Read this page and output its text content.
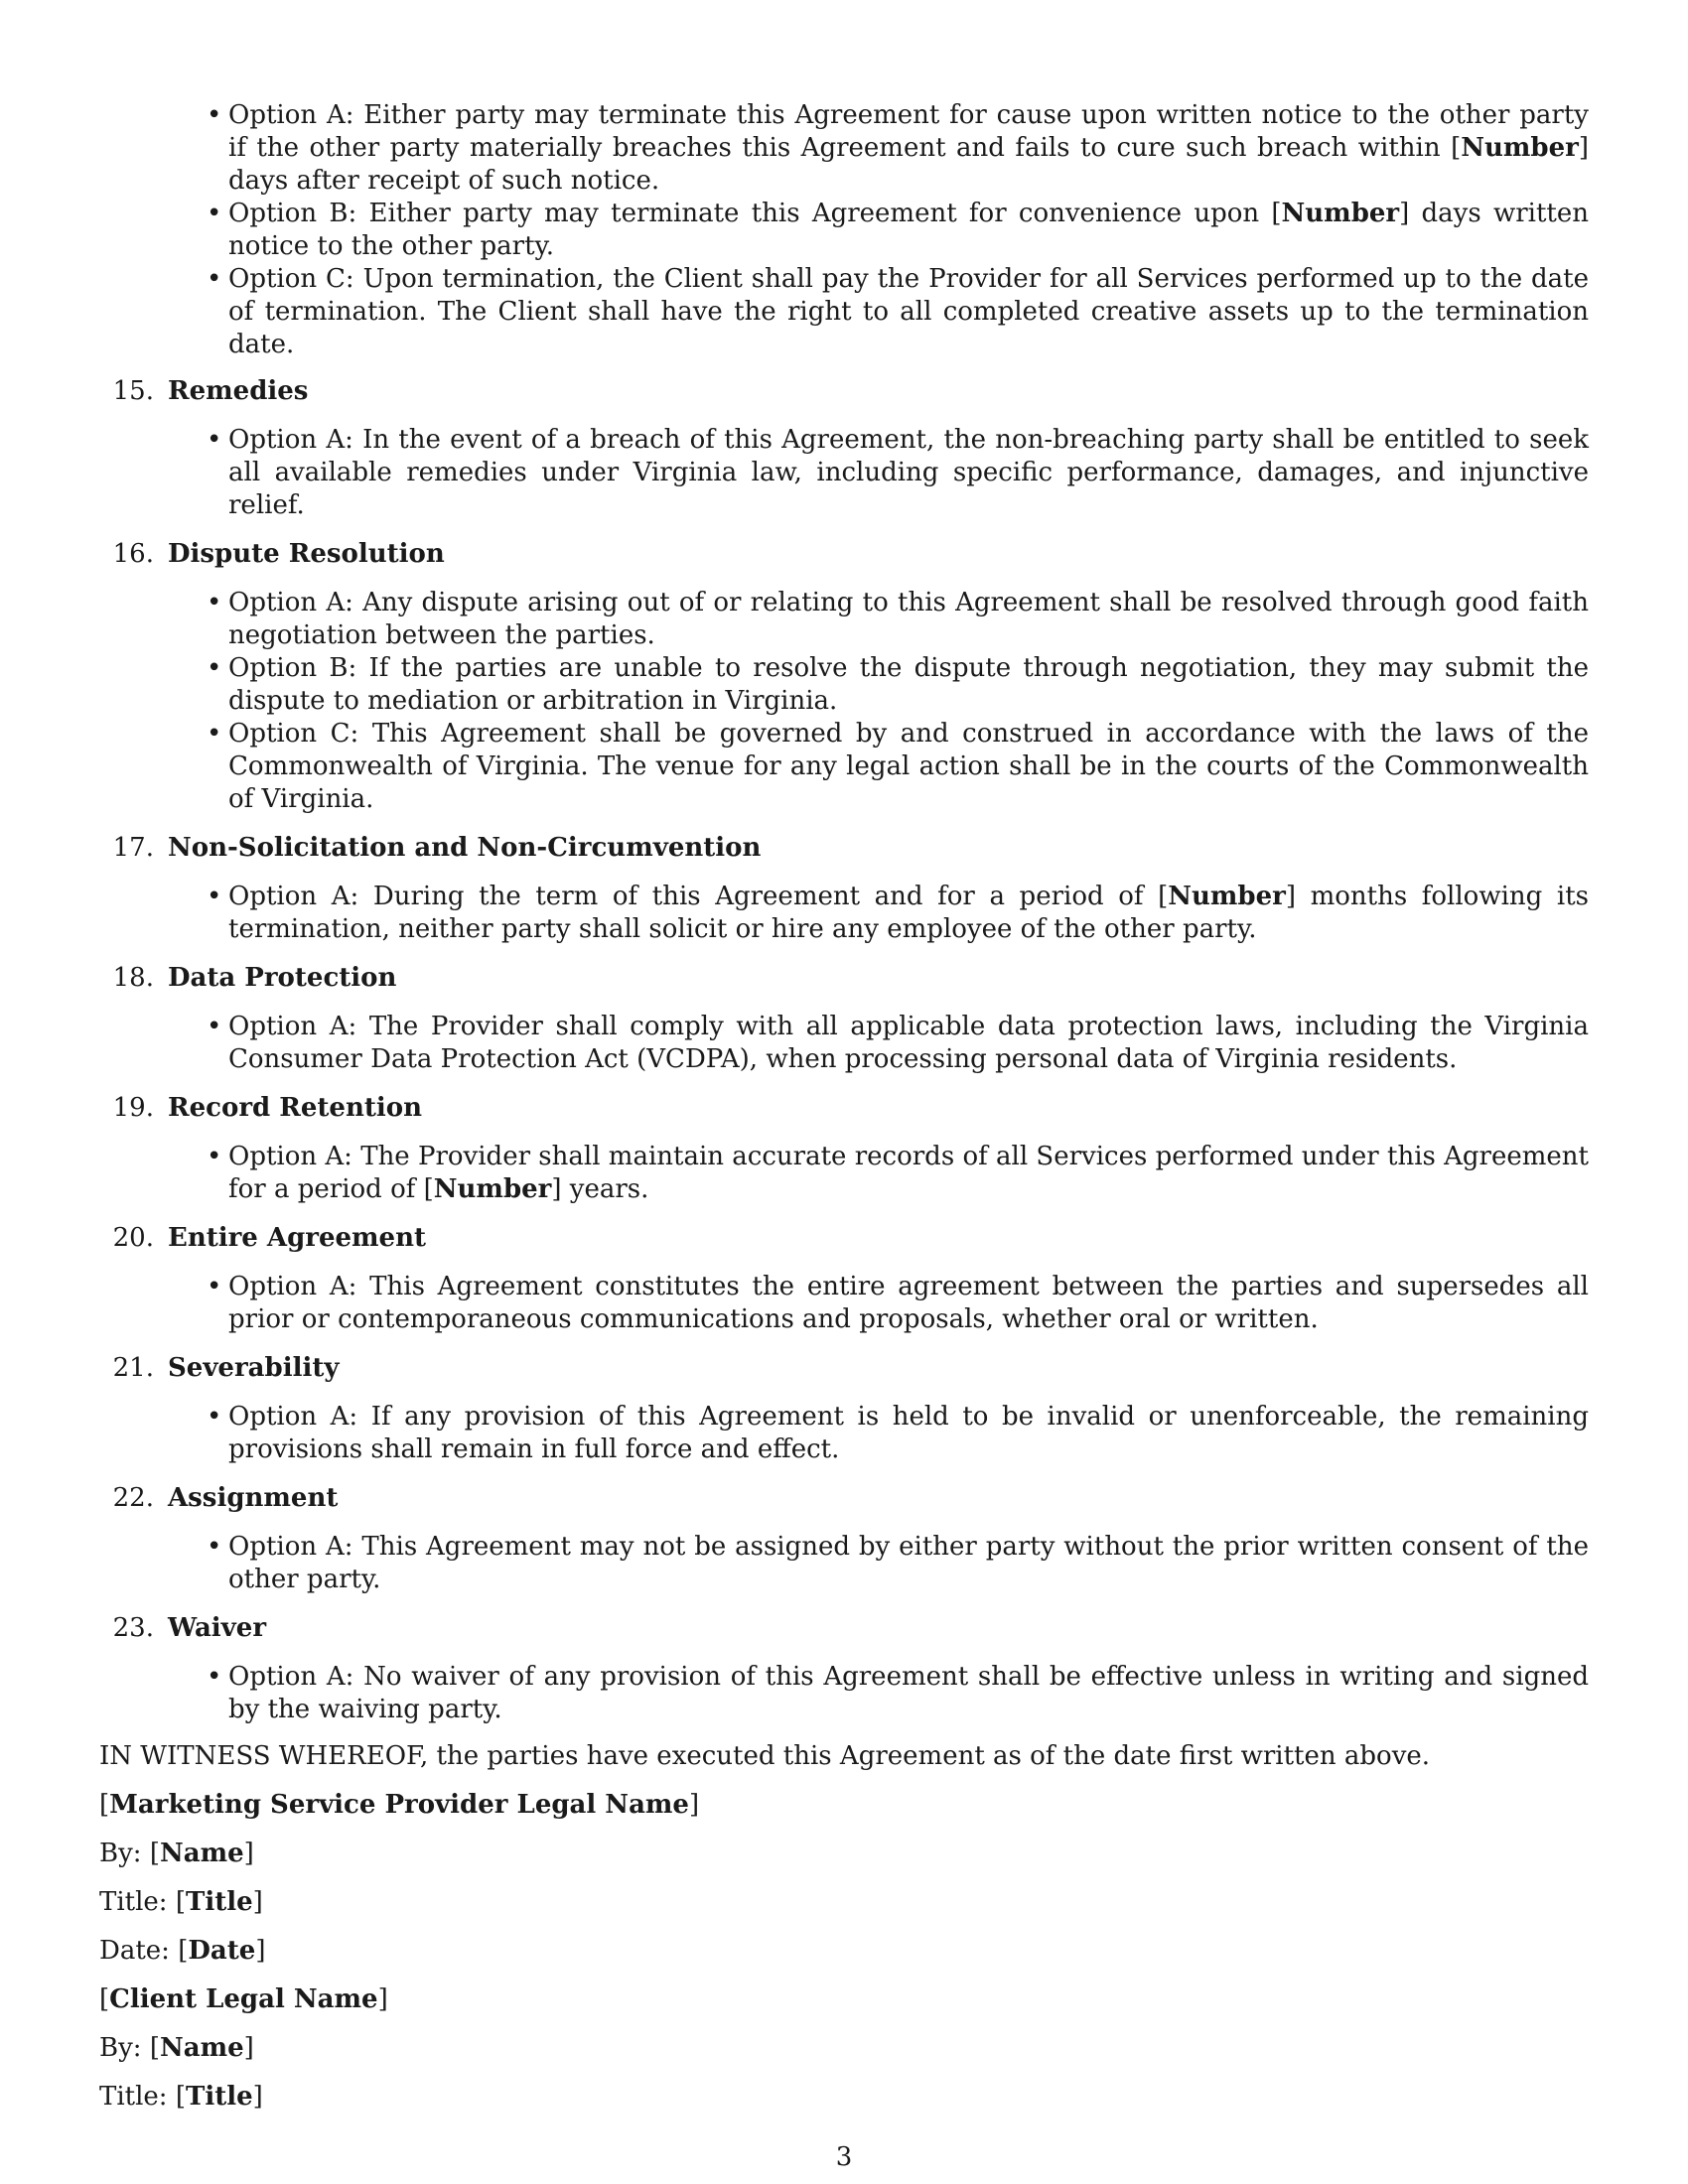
• Option A: Either party may terminate this Agreement for cause upon written notice to the other party if the other party materially breaches this Agreement and fails to cure such breach within [Number] days after receipt of such notice.
• Option B: Either party may terminate this Agreement for convenience upon [Number] days written notice to the other party.
• Option C: Upon termination, the Client shall pay the Provider for all Services performed up to the date of termination. The Client shall have the right to all completed creative assets up to the termination date.
15. Remedies
• Option A: In the event of a breach of this Agreement, the non-breaching party shall be entitled to seek all available remedies under Virginia law, including specific performance, damages, and injunctive relief.
16. Dispute Resolution
• Option A: Any dispute arising out of or relating to this Agreement shall be resolved through good faith negotiation between the parties.
• Option B: If the parties are unable to resolve the dispute through negotiation, they may submit the dispute to mediation or arbitration in Virginia.
• Option C: This Agreement shall be governed by and construed in accordance with the laws of the Commonwealth of Virginia. The venue for any legal action shall be in the courts of the Commonwealth of Virginia.
17. Non-Solicitation and Non-Circumvention
• Option A: During the term of this Agreement and for a period of [Number] months following its termination, neither party shall solicit or hire any employee of the other party.
18. Data Protection
• Option A: The Provider shall comply with all applicable data protection laws, including the Virginia Consumer Data Protection Act (VCDPA), when processing personal data of Virginia residents.
19. Record Retention
• Option A: The Provider shall maintain accurate records of all Services performed under this Agreement for a period of [Number] years.
20. Entire Agreement
• Option A: This Agreement constitutes the entire agreement between the parties and supersedes all prior or contemporaneous communications and proposals, whether oral or written.
21. Severability
• Option A: If any provision of this Agreement is held to be invalid or unenforceable, the remaining provisions shall remain in full force and effect.
22. Assignment
• Option A: This Agreement may not be assigned by either party without the prior written consent of the other party.
23. Waiver
• Option A: No waiver of any provision of this Agreement shall be effective unless in writing and signed by the waiving party.

IN WITNESS WHEREOF, the parties have executed this Agreement as of the date first written above.

[Marketing Service Provider Legal Name]

By: [Name]

Title: [Title]

Date: [Date]

[Client Legal Name]

By: [Name]

Title: [Title]

3
